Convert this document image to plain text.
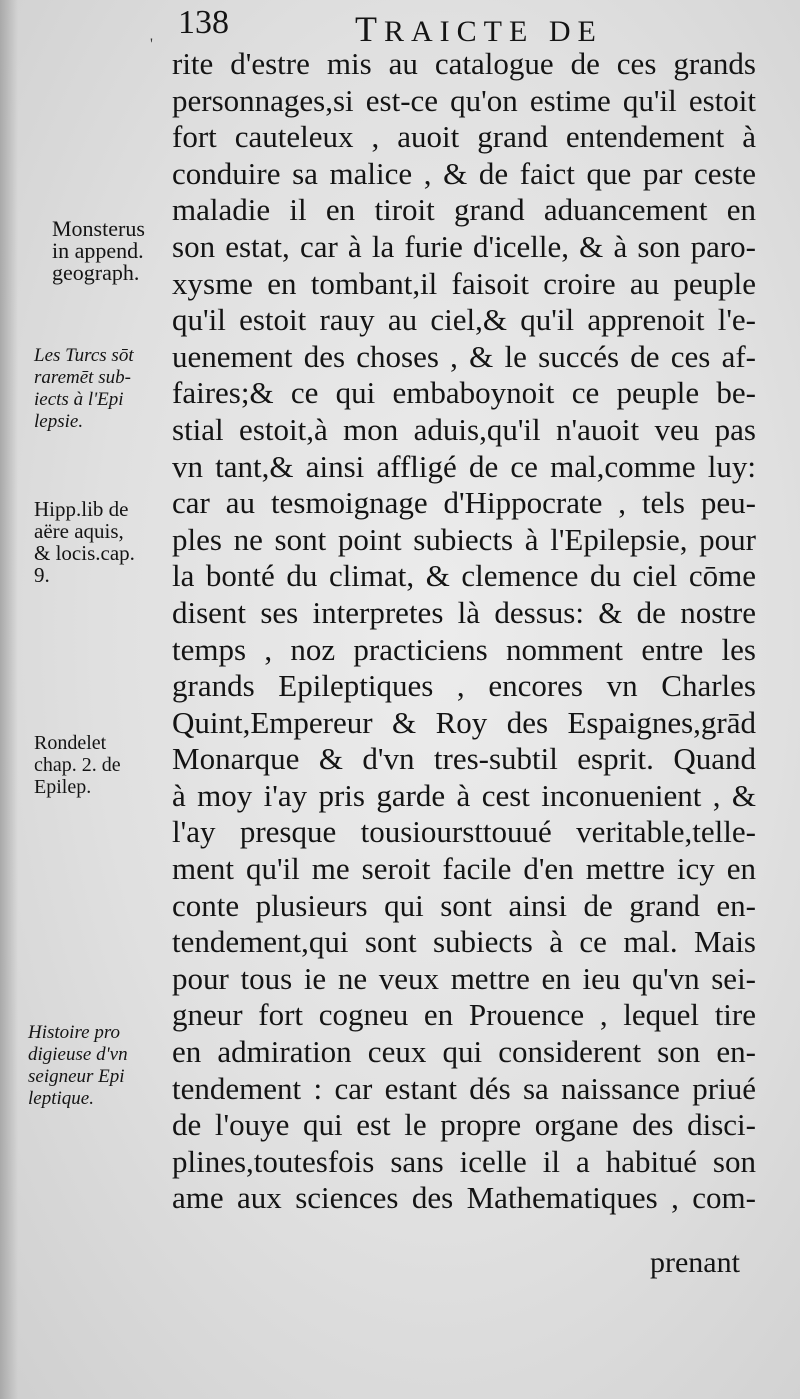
138	TRAICTE DE
'
Monsterus
in append.
geograph.
Les Turcs sōt
raremēt sub-
iects à l'Epi
lepsie.
Hipp.lib de
aëre aquis,
& locis.cap.
9.
Rondelet
chap. 2. de
Epilep.
Histoire pro
digieuse d'vn
seigneur Epi
leptique.
rite d'estre mis au catalogue de ces grands
personnages,si est-ce qu'on estime qu'il estoit
fort cauteleux , auoit grand entendement à
conduire sa malice , & de faict que par ceste
maladie il en tiroit grand aduancement en
son estat, car à la furie d'icelle, & à son paro-
xysme en tombant,il faisoit croire au peuple
qu'il estoit rauy au ciel,& qu'il apprenoit l'e-
uenement des choses , & le succés de ces af-
faires;& ce qui embaboynoit ce peuple be-
stial estoit,à mon aduis,qu'il n'auoit veu pas
vn tant,& ainsi affligé de ce mal,comme luy:
car au tesmoignage d'Hippocrate , tels peu-
ples ne sont point subiects à l'Epilepsie, pour
la bonté du climat, & clemence du ciel cōme
disent ses interpretes là dessus: & de nostre
temps , noz practiciens nomment entre les
grands Epileptiques , encores vn Charles
Quint,Empereur & Roy des Espaignes,grād
Monarque & d'vn tres-subtil esprit. Quand
à moy i'ay pris garde à cest inconuenient , &
l'ay presque tousioursttouué veritable,telle-
ment qu'il me seroit facile d'en mettre icy en
conte plusieurs qui sont ainsi de grand en-
tendement,qui sont subiects à ce mal. Mais
pour tous ie ne veux mettre en ieu qu'vn sei-
gneur fort cogneu en Prouence , lequel tire
en admiration ceux qui considerent son en-
tendement : car estant dés sa naissance priué
de l'ouye qui est le propre organe des disci-
plines,toutesfois sans icelle il a habitué son
ame aux sciences des Mathematiques , com-
prenant
